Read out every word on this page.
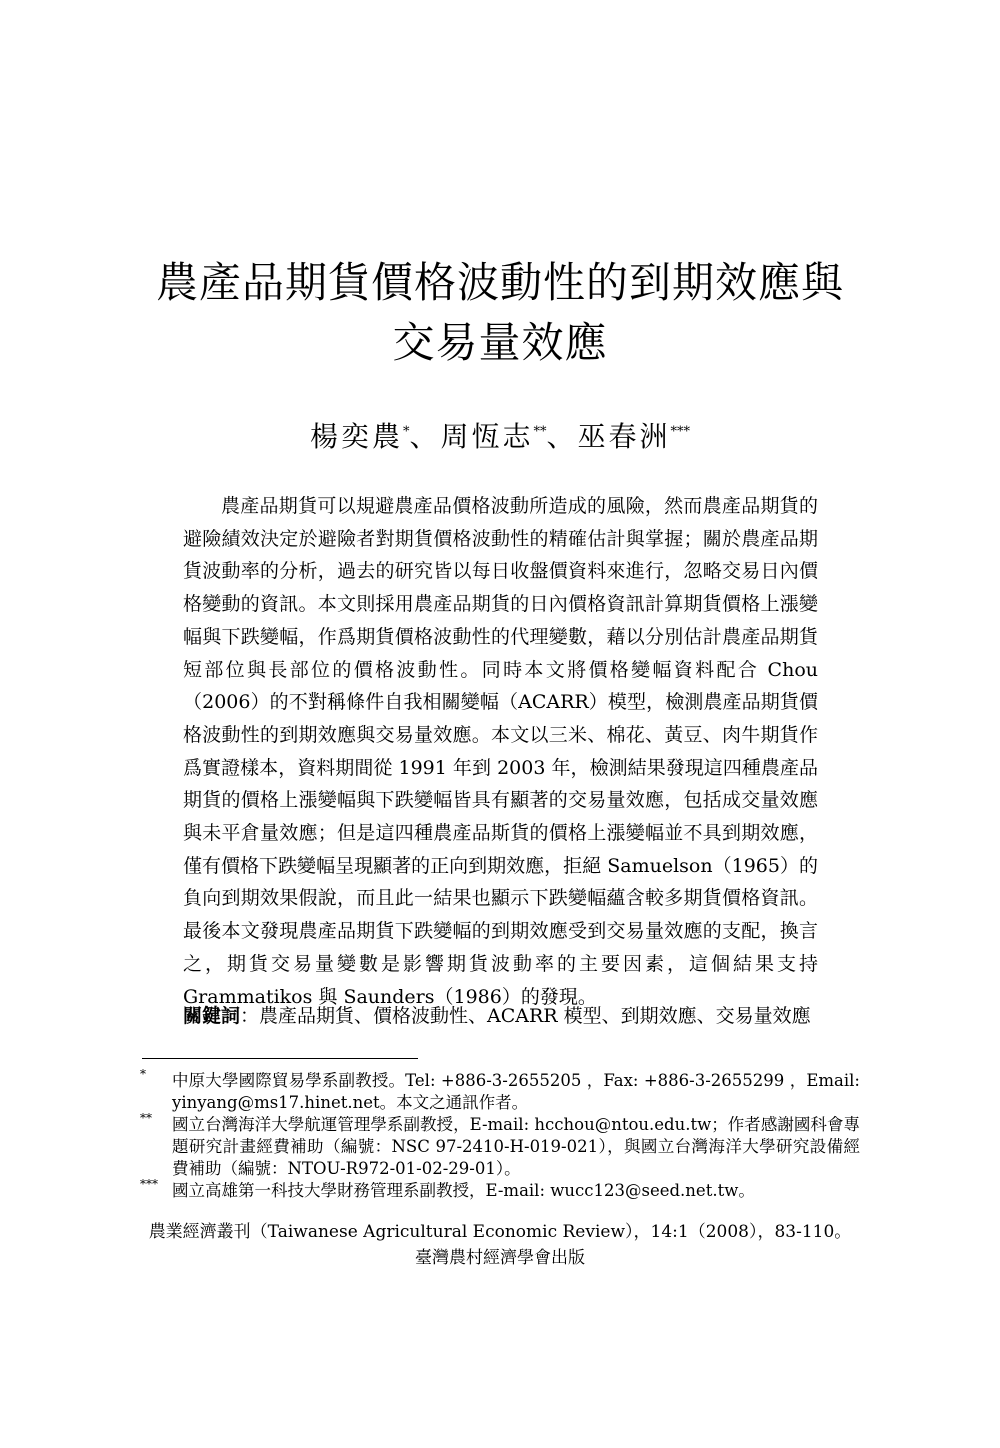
農產品期貨價格波動性的到期效應與
交易量效應

楊奕農*、周恆志**、巫春洲***

農產品期貨可以規避農產品價格波動所造成的風險，然而農產品期貨的避險績效決定於避險者對期貨價格波動性的精確估計與掌握；關於農產品期貨波動率的分析，過去的研究皆以每日收盤價資料來進行，忽略交易日內價格變動的資訊。本文則採用農產品期貨的日內價格資訊計算期貨價格上漲變幅與下跌變幅，作爲期貨價格波動性的代理變數，藉以分別估計農產品期貨短部位與長部位的價格波動性。同時本文將價格變幅資料配合 Chou（2006）的不對稱條件自我相關變幅（ACARR）模型，檢測農產品期貨價格波動性的到期效應與交易量效應。本文以三米、棉花、黃豆、肉牛期貨作爲實證樣本，資料期間從 1991 年到 2003 年，檢測結果發現這四種農產品期貨的價格上漲變幅與下跌變幅皆具有顯著的交易量效應，包括成交量效應與未平倉量效應；但是這四種農產品斯貨的價格上漲變幅並不具到期效應，僅有價格下跌變幅呈現顯著的正向到期效應，拒絕 Samuelson（1965）的負向到期效果假說，而且此一結果也顯示下跌變幅蘊含較多期貨價格資訊。最後本文發現農產品期貨下跌變幅的到期效應受到交易量效應的支配，換言之，期貨交易量變數是影響期貨波動率的主要因素，這個結果支持 Grammatikos 與 Saunders（1986）的發現。

關鍵詞：農產品期貨、價格波動性、ACARR 模型、到期效應、交易量效應

* 中原大學國際貿易學系副教授。Tel: +886-3-2655205 ，Fax: +886-3-2655299 ，Email: yinyang@ms17.hinet.net。本文之通訊作者。
** 國立台灣海洋大學航運管理學系副教授，E-mail: hcchou@ntou.edu.tw；作者感謝國科會專題研究計畫經費補助（編號：NSC 97-2410-H-019-021），與國立台灣海洋大學研究設備經費補助（編號：NTOU-R972-01-02-29-01）。
*** 國立高雄第一科技大學財務管理系副教授，E-mail: wucc123@seed.net.tw。
農業經濟叢刊（Taiwanese Agricultural Economic Review），14:1（2008），83-110。
臺灣農村經濟學會出版
